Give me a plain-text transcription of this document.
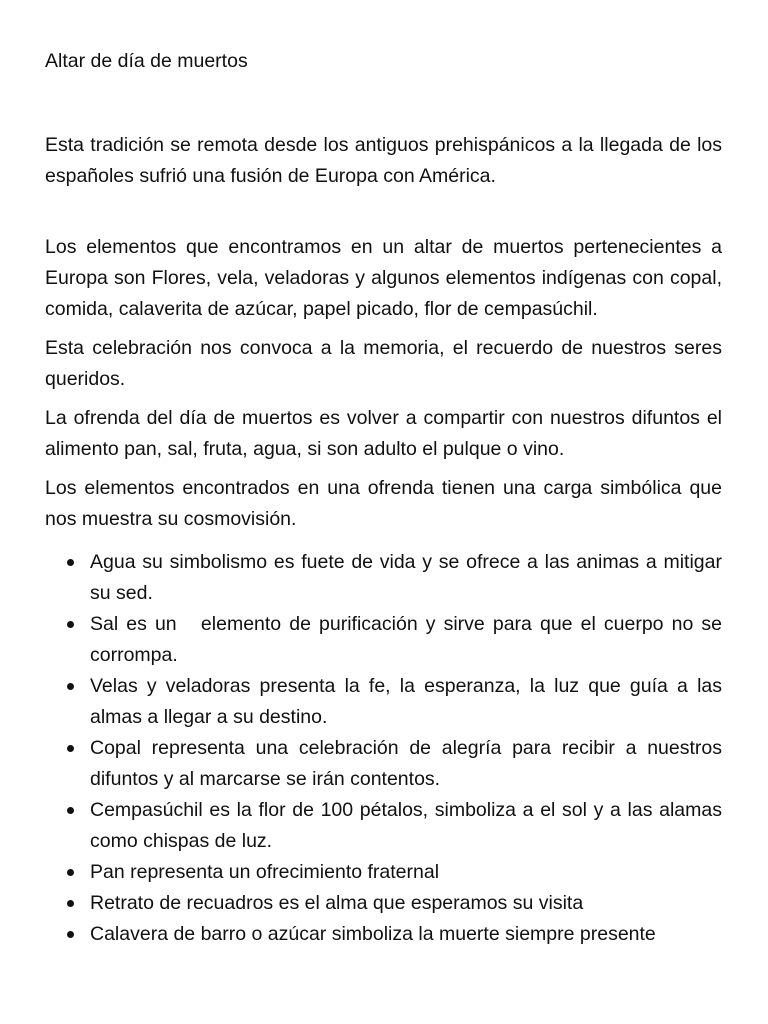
Altar de día de muertos

Esta tradición se remota desde los antiguos prehispánicos a la llegada de los españoles sufrió una fusión de Europa con América.

Los elementos que encontramos en un altar de muertos pertenecientes a Europa son Flores, vela, veladoras y algunos elementos indígenas con copal, comida, calaverita de azúcar, papel picado, flor de cempasúchil.

Esta celebración nos convoca a la memoria, el recuerdo de nuestros seres queridos.

La ofrenda del día de muertos es volver a compartir con nuestros difuntos el alimento pan, sal, fruta, agua, si son adulto el pulque o vino.

Los elementos encontrados en una ofrenda tienen una carga simbólica que nos muestra su cosmovisión.

Agua su simbolismo es fuete de vida y se ofrece a las animas a mitigar su sed.
Sal es un   elemento de purificación y sirve para que el cuerpo no se corrompa.
Velas y veladoras presenta la fe, la esperanza, la luz que guía a las almas a llegar a su destino.
Copal representa una celebración de alegría para recibir a nuestros difuntos y al marcarse se irán contentos.
Cempasúchil es la flor de 100 pétalos, simboliza a el sol y a las alamas como chispas de luz.
Pan representa un ofrecimiento fraternal
Retrato de recuadros es el alma que esperamos su visita
Calavera de barro o azúcar simboliza la muerte siempre presente
